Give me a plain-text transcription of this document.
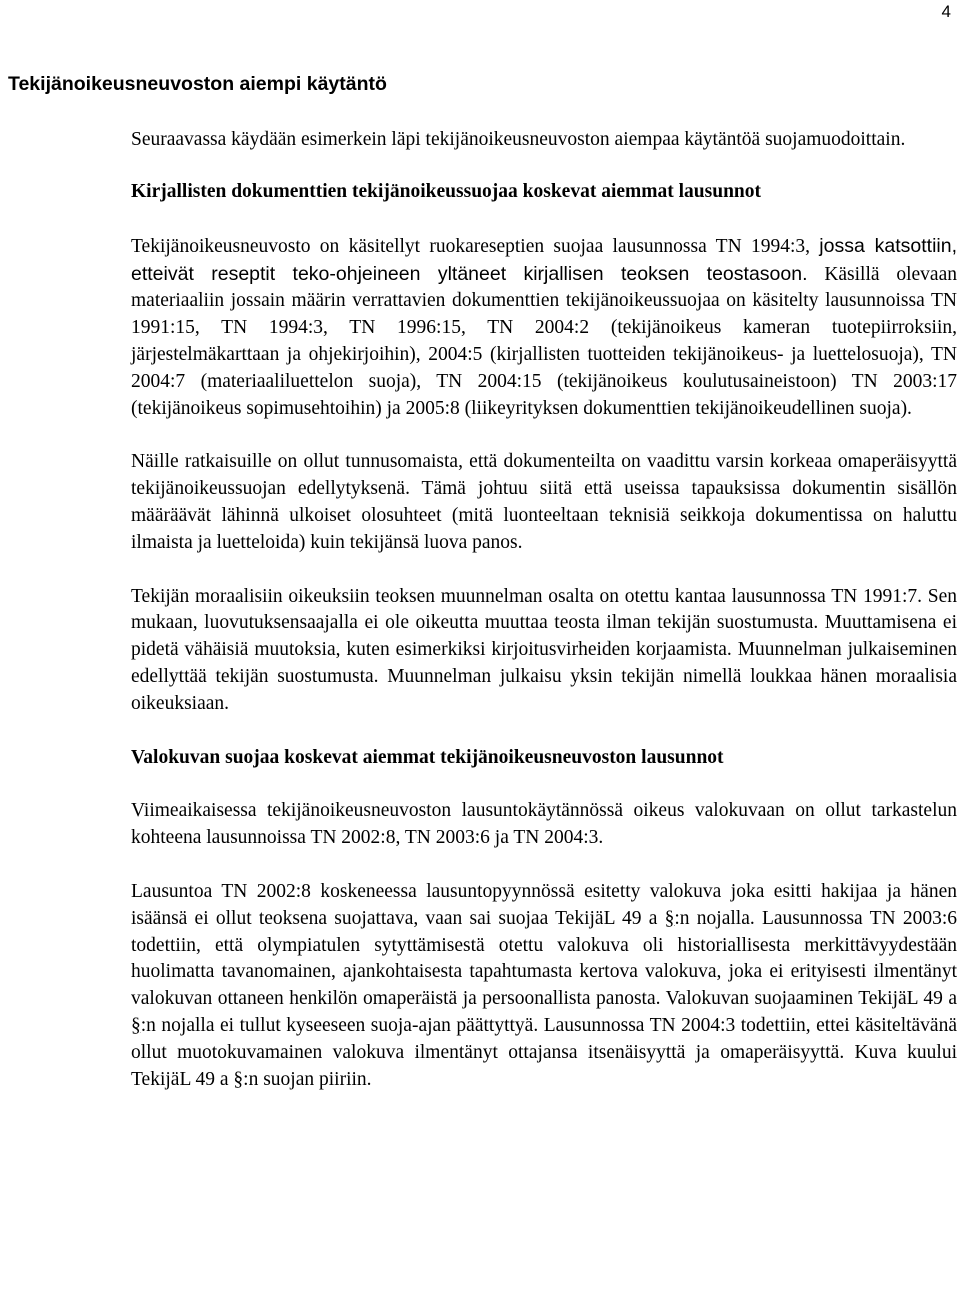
4
Tekijänoikeusneuvoston aiempi käytäntö

Seuraavassa käydään esimerkein läpi tekijänoikeusneuvoston aiempaa käytäntöä suojamuodoittain.

Kirjallisten dokumenttien tekijänoikeussuojaa koskevat aiemmat lausunnot

Tekijänoikeusneuvosto on käsitellyt ruokareseptien suojaa lausunnossa TN 1994:3, jossa katsottiin, etteivät reseptit teko-ohjeineen yltäneet kirjallisen teoksen teostasoon. Käsillä olevaan materiaaliin jossain määrin verrattavien dokumenttien tekijänoikeussuojaa on käsitelty lausunnoissa TN 1991:15, TN 1994:3, TN 1996:15, TN 2004:2 (tekijänoikeus kameran tuotepiirroksiin, järjestelmäkarttaan ja ohjekirjoihin), 2004:5 (kirjallisten tuotteiden tekijänoikeus- ja luettelosuoja), TN 2004:7 (materiaaliluettelon suoja), TN 2004:15 (tekijänoikeus koulutusaineistoon) TN 2003:17 (tekijänoikeus sopimusehtoihin) ja 2005:8 (liikeyrityksen dokumenttien tekijänoikeudellinen suoja).

Näille ratkaisuille on ollut tunnusomaista, että dokumenteilta on vaadittu varsin korkeaa omaperäisyyttä tekijänoikeussuojan edellytyksenä. Tämä johtuu siitä että useissa tapauksissa dokumentin sisällön määräävät lähinnä ulkoiset olosuhteet (mitä luonteeltaan teknisiä seikkoja dokumentissa on haluttu ilmaista ja luetteloida) kuin tekijänsä luova panos.

Tekijän moraalisiin oikeuksiin teoksen muunnelman osalta on otettu kantaa lausunnossa TN 1991:7. Sen mukaan, luovutuksensaajalla ei ole oikeutta muuttaa teosta ilman tekijän suostumusta. Muuttamisena ei pidetä vähäisiä muutoksia, kuten esimerkiksi kirjoitusvirheiden korjaamista. Muunnelman julkaiseminen edellyttää tekijän suostumusta. Muunnelman julkaisu yksin tekijän nimellä loukkaa hänen moraalisia oikeuksiaan.

Valokuvan suojaa koskevat aiemmat tekijänoikeusneuvoston lausunnot

Viimeaikaisessa tekijänoikeusneuvoston lausuntokäytännössä oikeus valokuvaan on ollut tarkastelun kohteena lausunnoissa TN 2002:8, TN 2003:6 ja TN 2004:3.

Lausuntoa TN 2002:8 koskeneessa lausuntopyynnössä esitetty valokuva joka esitti hakijaa ja hänen isäänsä ei ollut teoksena suojattava, vaan sai suojaa TekijäL 49 a §:n nojalla. Lausunnossa TN 2003:6 todettiin, että olympiatulen sytyttämisestä otettu valokuva oli historiallisesta merkittävyydestään huolimatta tavanomainen, ajankohtaisesta tapahtumasta kertova valokuva, joka ei erityisesti ilmentänyt valokuvan ottaneen henkilön omaperäistä ja persoonallista panosta. Valokuvan suojaaminen TekijäL 49 a §:n nojalla ei tullut kyseeseen suoja-ajan päättyttyä. Lausunnossa TN 2004:3 todettiin, ettei käsiteltävänä ollut muotokuvamainen valokuva ilmentänyt ottajansa itsenäisyyttä ja omaperäisyyttä. Kuva kuului TekijäL 49 a §:n suojan piiriin.
